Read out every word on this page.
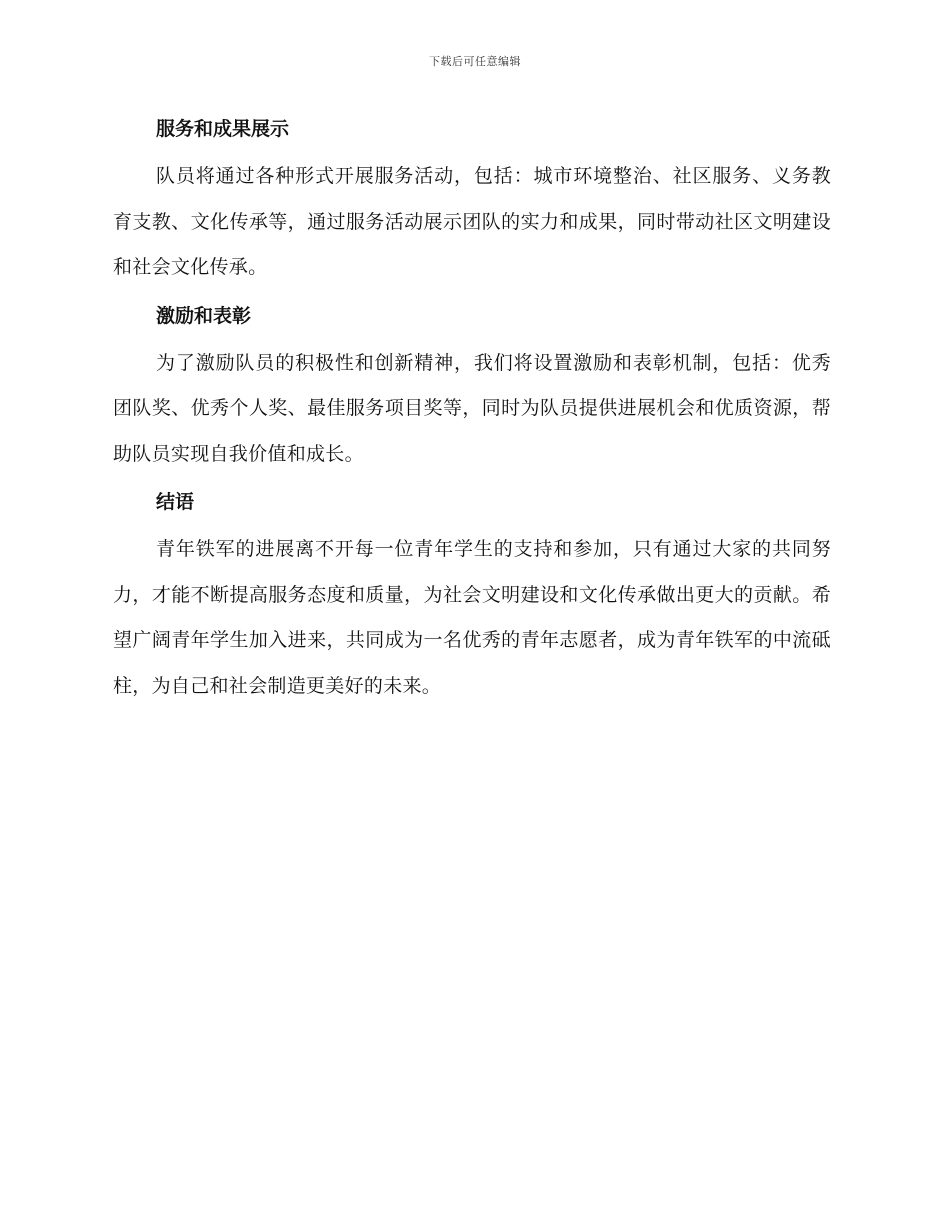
下载后可任意编辑
服务和成果展示

队员将通过各种形式开展服务活动，包括：城市环境整治、社区服务、义务教育支教、文化传承等，通过服务活动展示团队的实力和成果，同时带动社区文明建设和社会文化传承。

激励和表彰

为了激励队员的积极性和创新精神，我们将设置激励和表彰机制，包括：优秀团队奖、优秀个人奖、最佳服务项目奖等，同时为队员提供进展机会和优质资源，帮助队员实现自我价值和成长。

结语

青年铁军的进展离不开每一位青年学生的支持和参加，只有通过大家的共同努力，才能不断提高服务态度和质量，为社会文明建设和文化传承做出更大的贡献。希望广阔青年学生加入进来，共同成为一名优秀的青年志愿者，成为青年铁军的中流砥柱，为自己和社会制造更美好的未来。
